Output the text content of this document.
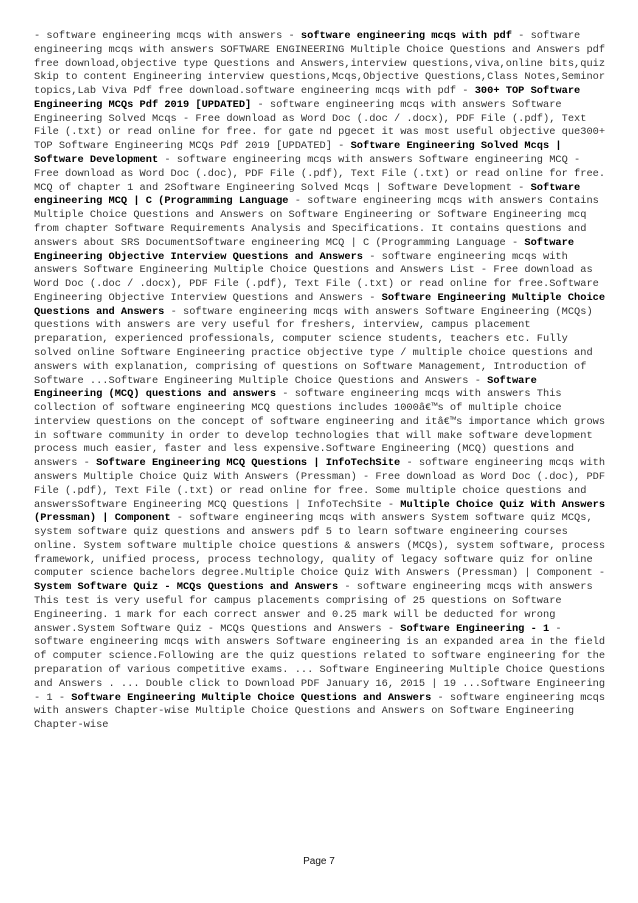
- software engineering mcqs with answers - software engineering mcqs with pdf - software engineering mcqs with answers SOFTWARE ENGINEERING Multiple Choice Questions and Answers pdf free download,objective type Questions and Answers,interview questions,viva,online bits,quiz Skip to content Engineering interview questions,Mcqs,Objective Questions,Class Notes,Seminor topics,Lab Viva Pdf free download.software engineering mcqs with pdf - 300+ TOP Software Engineering MCQs Pdf 2019 [UPDATED] - software engineering mcqs with answers Software Engineering Solved Mcqs - Free download as Word Doc (.doc / .docx), PDF File (.pdf), Text File (.txt) or read online for free. for gate nd pgecet it was most useful objective que300+ TOP Software Engineering MCQs Pdf 2019 [UPDATED] - Software Engineering Solved Mcqs | Software Development - software engineering mcqs with answers Software engineering MCQ - Free download as Word Doc (.doc), PDF File (.pdf), Text File (.txt) or read online for free. MCQ of chapter 1 and 2Software Engineering Solved Mcqs | Software Development - Software engineering MCQ | C (Programming Language - software engineering mcqs with answers Contains Multiple Choice Questions and Answers on Software Engineering or Software Engineering mcq from chapter Software Requirements Analysis and Specifications. It contains questions and answers about SRS DocumentSoftware engineering MCQ | C (Programming Language - Software Engineering Objective Interview Questions and Answers - software engineering mcqs with answers Software Engineering Multiple Choice Questions and Answers List - Free download as Word Doc (.doc / .docx), PDF File (.pdf), Text File (.txt) or read online for free.Software Engineering Objective Interview Questions and Answers - Software Engineering Multiple Choice Questions and Answers - software engineering mcqs with answers Software Engineering (MCQs) questions with answers are very useful for freshers, interview, campus placement preparation, experienced professionals, computer science students, teachers etc. Fully solved online Software Engineering practice objective type / multiple choice questions and answers with explanation, comprising of questions on Software Management, Introduction of Software ...Software Engineering Multiple Choice Questions and Answers - Software Engineering (MCQ) questions and answers - software engineering mcqs with answers This collection of software engineering MCQ questions includes 1000â€™s of multiple choice interview questions on the concept of software engineering and itâ€™s importance which grows in software community in order to develop technologies that will make software development process much easier, faster and less expensive.Software Engineering (MCQ) questions and answers - Software Engineering MCQ Questions | InfoTechSite - software engineering mcqs with answers Multiple Choice Quiz With Answers (Pressman) - Free download as Word Doc (.doc), PDF File (.pdf), Text File (.txt) or read online for free. Some multiple choice questions and answersSoftware Engineering MCQ Questions | InfoTechSite - Multiple Choice Quiz With Answers (Pressman) | Component - software engineering mcqs with answers System software quiz MCQs, system software quiz questions and answers pdf 5 to learn software engineering courses online. System software multiple choice questions & answers (MCQs), system software, process framework, unified process, process technology, quality of legacy software quiz for online computer science bachelors degree.Multiple Choice Quiz With Answers (Pressman) | Component - System Software Quiz - MCQs Questions and Answers - software engineering mcqs with answers This test is very useful for campus placements comprising of 25 questions on Software Engineering. 1 mark for each correct answer and 0.25 mark will be deducted for wrong answer.System Software Quiz - MCQs Questions and Answers - Software Engineering - 1 - software engineering mcqs with answers Software engineering is an expanded area in the field of computer science.Following are the quiz questions related to software engineering for the preparation of various competitive exams. ... Software Engineering Multiple Choice Questions and Answers . ... Double click to Download PDF January 16, 2015 | 19 ...Software Engineering - 1 - Software Engineering Multiple Choice Questions and Answers - software engineering mcqs with answers Chapter-wise Multiple Choice Questions and Answers on Software Engineering Chapter-wise
Page 7
